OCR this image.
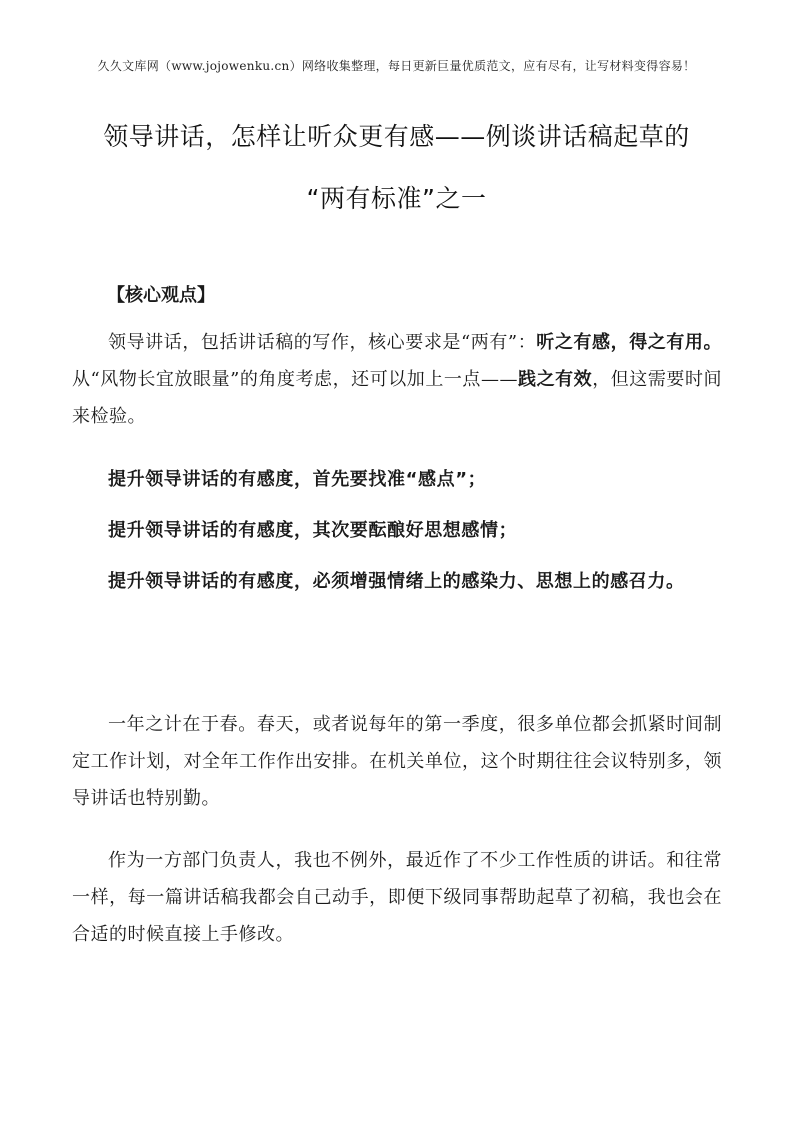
久久文库网（www.jojowenku.cn）网络收集整理，每日更新巨量优质范文，应有尽有，让写材料变得容易！
领导讲话，怎样让听众更有感——例谈讲话稿起草的
“两有标准”之一
【核心观点】

领导讲话，包括讲话稿的写作，核心要求是“两有”：听之有感，得之有用。从“风物长宜放眼量”的角度考虑，还可以加上一点——践之有效，但这需要时间来检验。

提升领导讲话的有感度，首先要找准“感点”；

提升领导讲话的有感度，其次要酝酿好思想感情；

提升领导讲话的有感度，必须增强情绪上的感染力、思想上的感召力。

一年之计在于春。春天，或者说每年的第一季度，很多单位都会抓紧时间制定工作计划，对全年工作作出安排。在机关单位，这个时期往往会议特别多，领导讲话也特别勤。

作为一方部门负责人，我也不例外，最近作了不少工作性质的讲话。和往常一样，每一篇讲话稿我都会自己动手，即便下级同事帮助起草了初稿，我也会在合适的时候直接上手修改。
